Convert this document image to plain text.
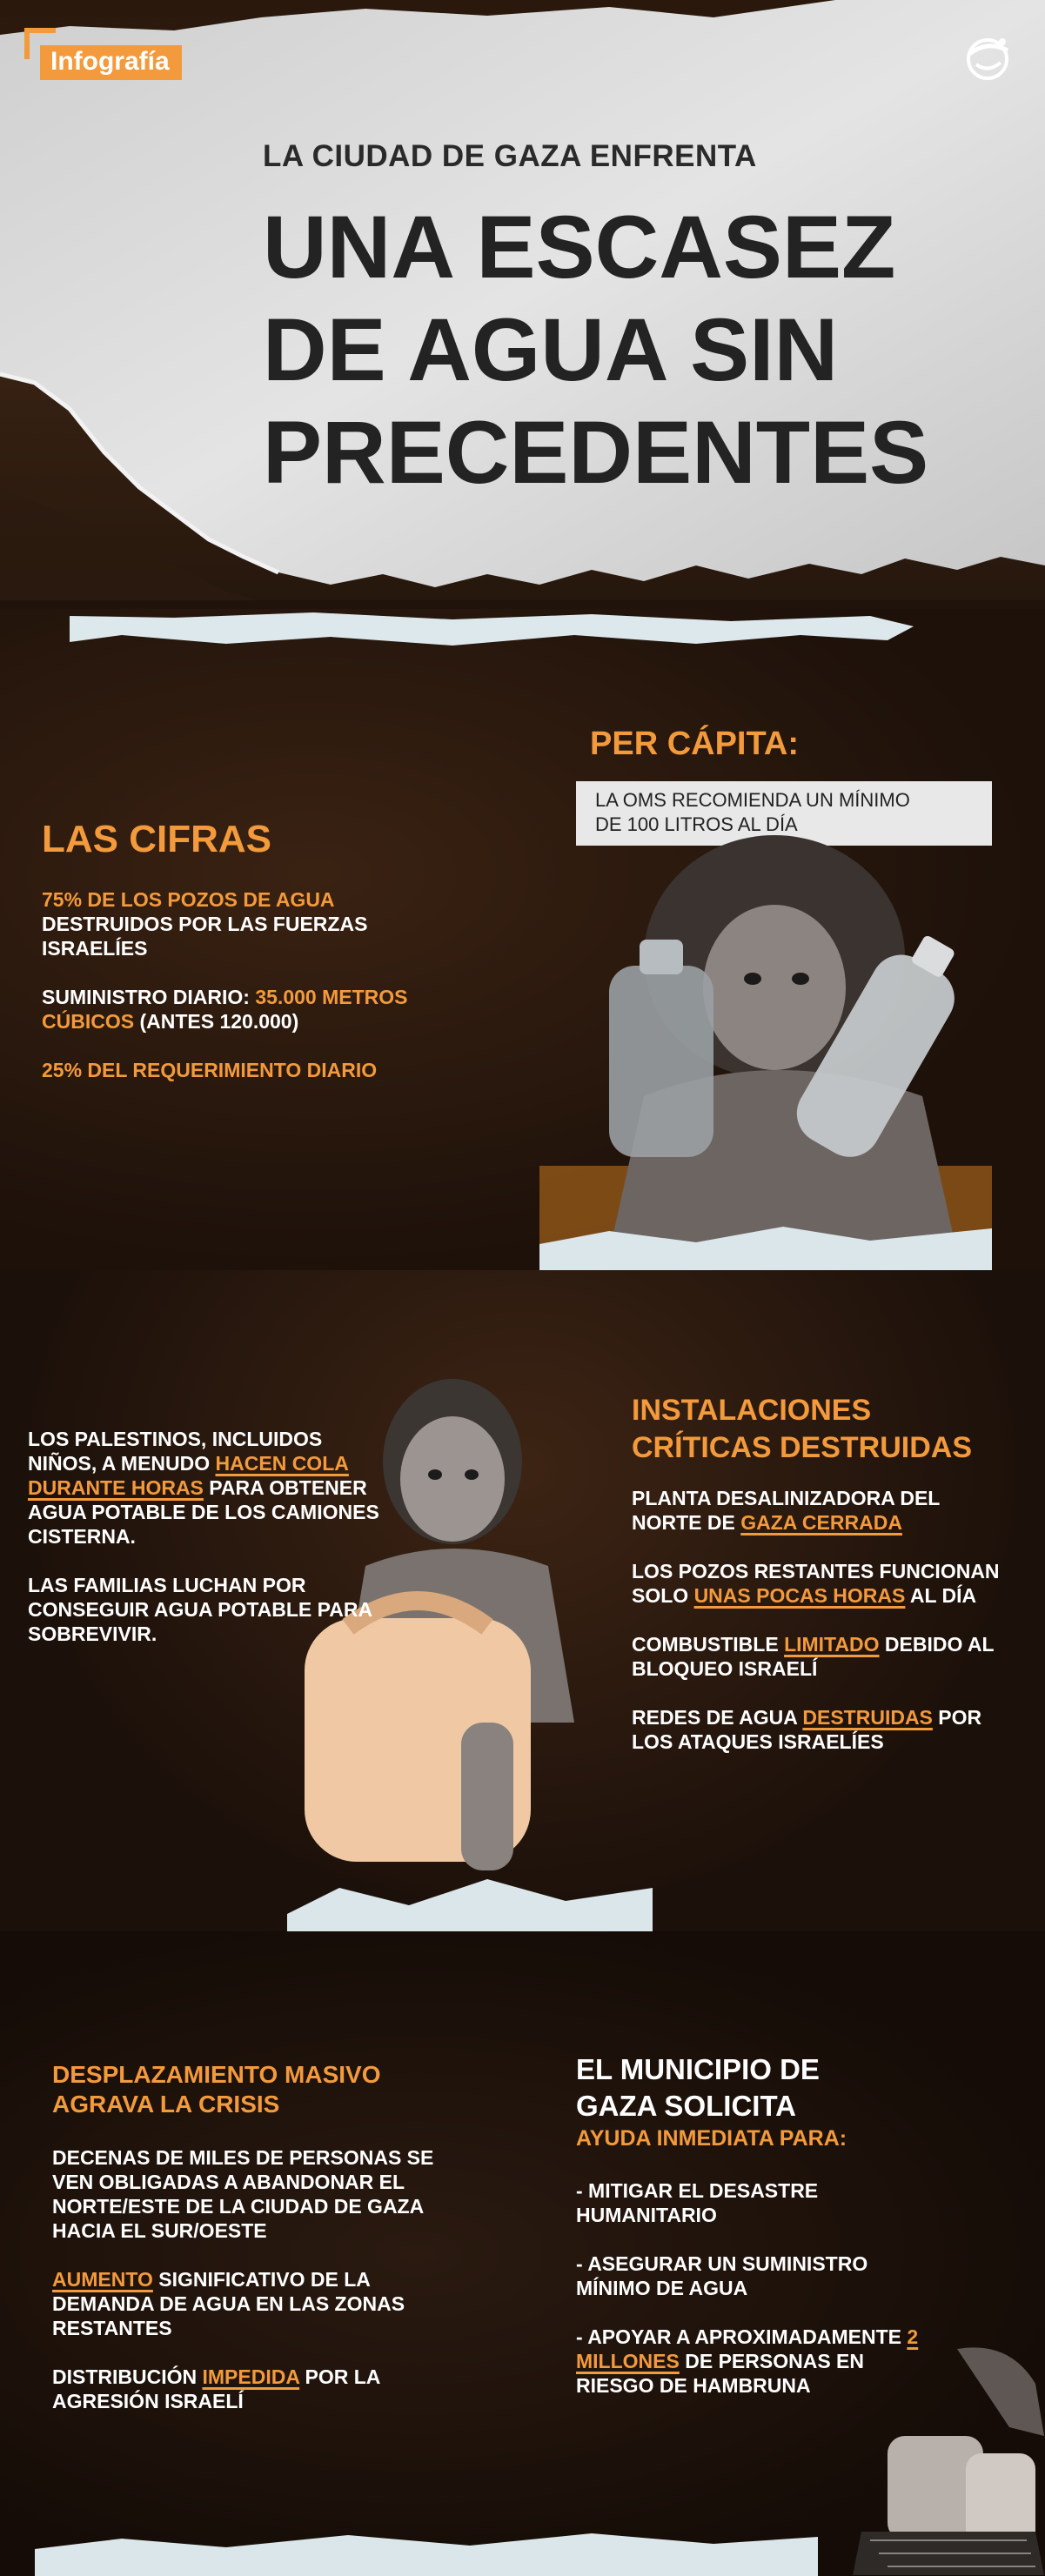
Infografía
LA CIUDAD DE GAZA ENFRENTA
UNA ESCASEZ
DE AGUA SIN
PRECEDENTES
PER CÁPITA:
LA OMS RECOMIENDA UN MÍNIMO
DE 100 LITROS AL DÍA
LAS CIFRAS

75% DE LOS POZOS DE AGUA
DESTRUIDOS POR LAS FUERZAS ISRAELÍES

SUMINISTRO DIARIO: 35.000 METROS CÚBICOS (ANTES 120.000)

25% DEL REQUERIMIENTO DIARIO

LOS PALESTINOS, INCLUIDOS NIÑOS, A MENUDO HACEN COLA DURANTE HORAS PARA OBTENER AGUA POTABLE DE LOS CAMIONES CISTERNA.

LAS FAMILIAS LUCHAN POR CONSEGUIR AGUA POTABLE PARA SOBREVIVIR.

INSTALACIONES
CRÍTICAS DESTRUIDAS

PLANTA DESALINIZADORA DEL NORTE DE GAZA CERRADA

LOS POZOS RESTANTES FUNCIONAN SOLO UNAS POCAS HORAS AL DÍA

COMBUSTIBLE LIMITADO DEBIDO AL BLOQUEO ISRAELÍ

REDES DE AGUA DESTRUIDAS POR LOS ATAQUES ISRAELÍES

DESPLAZAMIENTO MASIVO
AGRAVA LA CRISIS

DECENAS DE MILES DE PERSONAS SE VEN OBLIGADAS A ABANDONAR EL NORTE/ESTE DE LA CIUDAD DE GAZA HACIA EL SUR/OESTE

AUMENTO SIGNIFICATIVO DE LA DEMANDA DE AGUA EN LAS ZONAS RESTANTES

DISTRIBUCIÓN IMPEDIDA POR LA AGRESIÓN ISRAELÍ

EL MUNICIPIO DE
GAZA SOLICITA
AYUDA INMEDIATA PARA:

- MITIGAR EL DESASTRE HUMANITARIO

- ASEGURAR UN SUMINISTRO MÍNIMO DE AGUA

- APOYAR A APROXIMADAMENTE 2 MILLONES DE PERSONAS EN RIESGO DE HAMBRUNA
